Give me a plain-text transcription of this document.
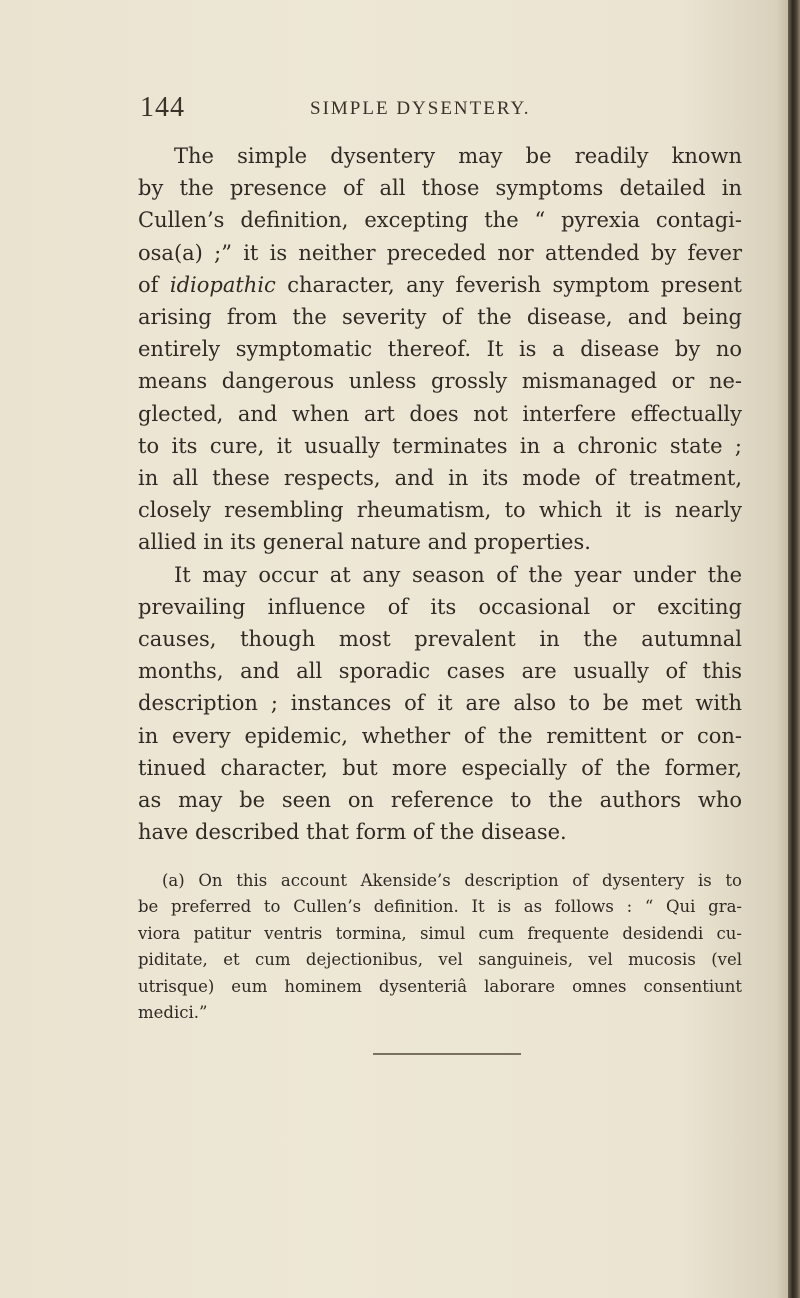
144	SIMPLE DYSENTERY.
The simple dysentery may be readily known
by the presence of all those symptoms detailed in
Cullen’s definition, excepting the “ pyrexia contagi-
osa(a) ;” it is neither preceded nor attended by fever
of idiopathic character, any feverish symptom present
arising from the severity of the disease, and being
entirely symptomatic thereof. It is a disease by no
means dangerous unless grossly mismanaged or ne-
glected, and when art does not interfere effectually
to its cure, it usually terminates in a chronic state ;
in all these respects, and in its mode of treatment,
closely resembling rheumatism, to which it is nearly
allied in its general nature and properties.
It may occur at any season of the year under the
prevailing influence of its occasional or exciting
causes, though most prevalent in the autumnal
months, and all sporadic cases are usually of this
description ; instances of it are also to be met with
in every epidemic, whether of the remittent or con-
tinued character, but more especially of the former,
as may be seen on reference to the authors who
have described that form of the disease.
(a) On this account Akenside’s description of dysentery is to
be preferred to Cullen’s definition. It is as follows : “ Qui gra-
viora patitur ventris tormina, simul cum frequente desidendi cu-
piditate, et cum dejectionibus, vel sanguineis, vel mucosis (vel
utrisque) eum hominem dysenteriâ laborare omnes consentiunt
medici.”
